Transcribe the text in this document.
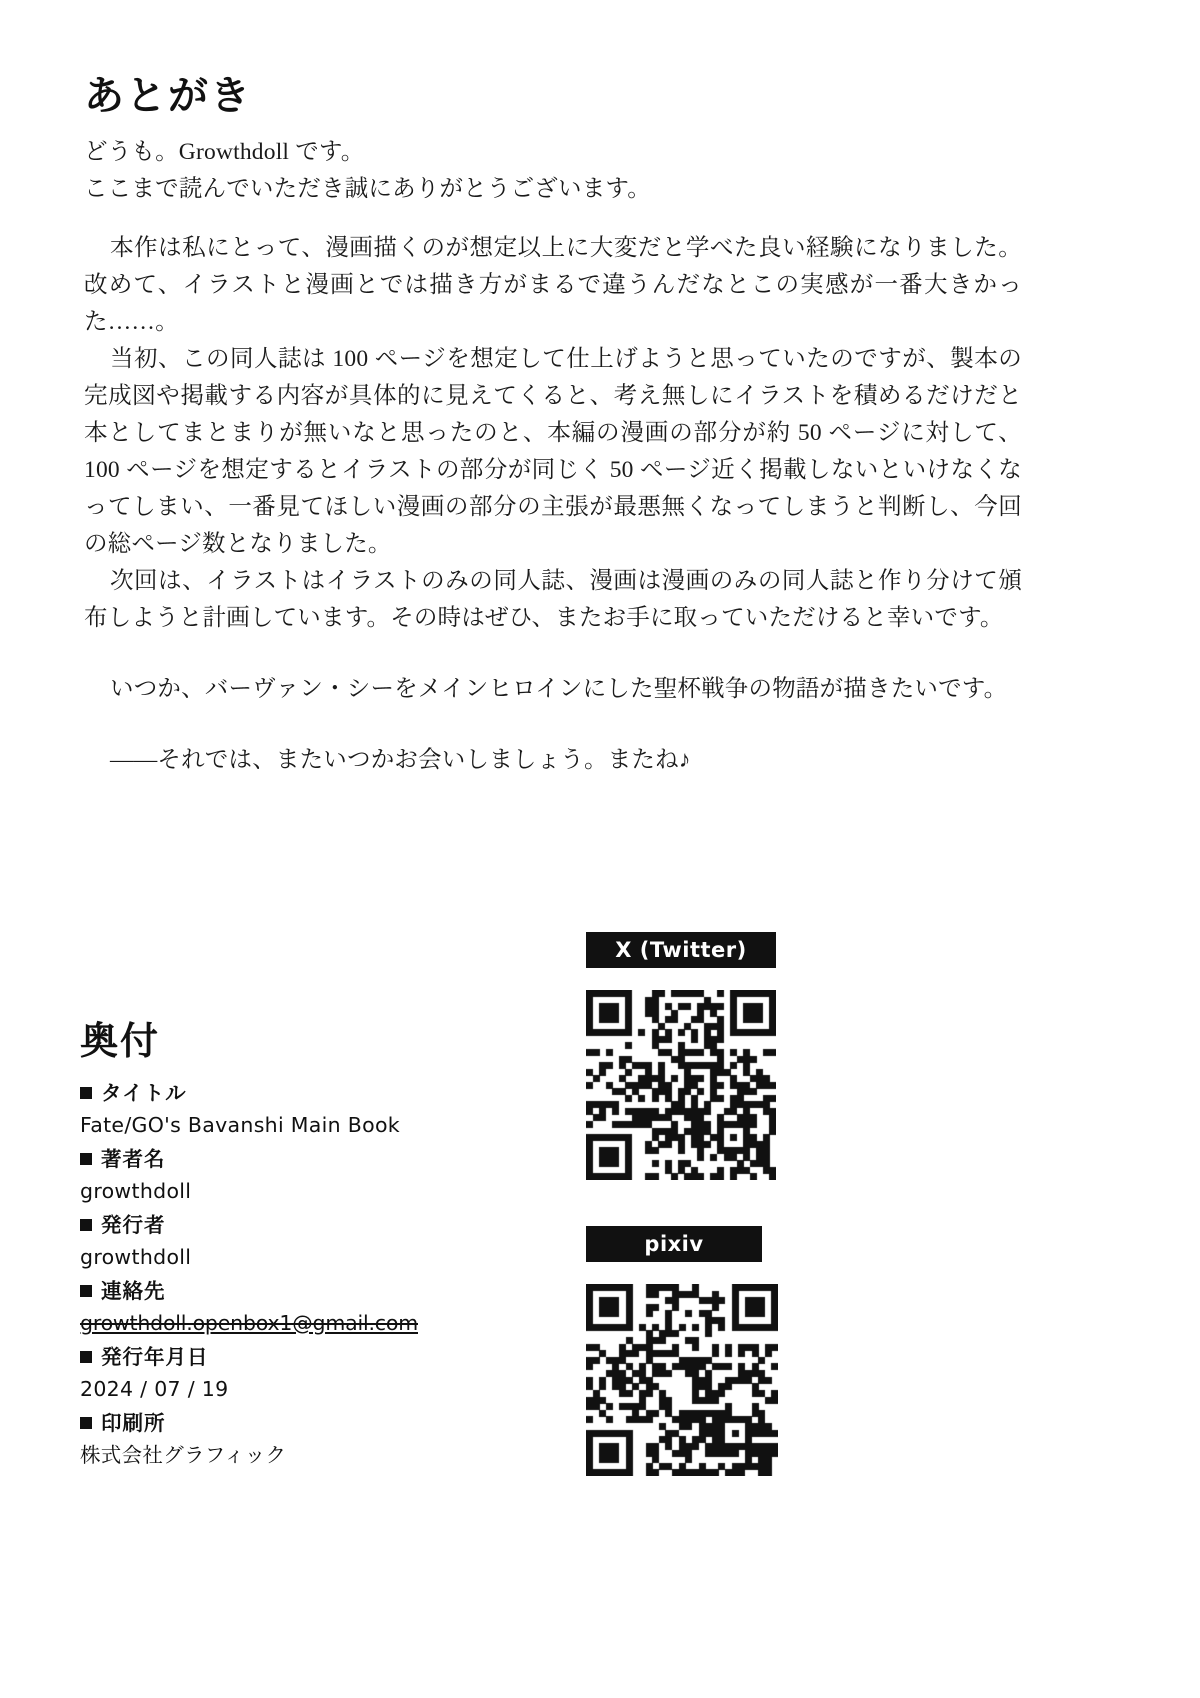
あとがき

どうも。Growthdoll です。

ここまで読んでいただき誠にありがとうございます。

本作は私にとって、漫画描くのが想定以上に大変だと学べた良い経験になりました。改めて、イラストと漫画とでは描き方がまるで違うんだなとこの実感が一番大きかった……。

当初、この同人誌は 100 ページを想定して仕上げようと思っていたのですが、製本の完成図や掲載する内容が具体的に見えてくると、考え無しにイラストを積めるだけだと本としてまとまりが無いなと思ったのと、本編の漫画の部分が約 50 ページに対して、100 ページを想定するとイラストの部分が同じく 50 ページ近く掲載しないといけなくなってしまい、一番見てほしい漫画の部分の主張が最悪無くなってしまうと判断し、今回の総ページ数となりました。

次回は、イラストはイラストのみの同人誌、漫画は漫画のみの同人誌と作り分けて頒布しようと計画しています。その時はぜひ、またお手に取っていただけると幸いです。

いつか、バーヴァン・シーをメインヒロインにした聖杯戦争の物語が描きたいです。

――それでは、またいつかお会いしましょう。またね♪

奥付
タイトル
Fate/GO's Bavanshi Main Book
著者名
growthdoll
発行者
growthdoll
連絡先
growthdoll.openbox1@gmail.com
発行年月日
2024 / 07 / 19
印刷所
株式会社グラフィック
X (Twitter)
pixiv
